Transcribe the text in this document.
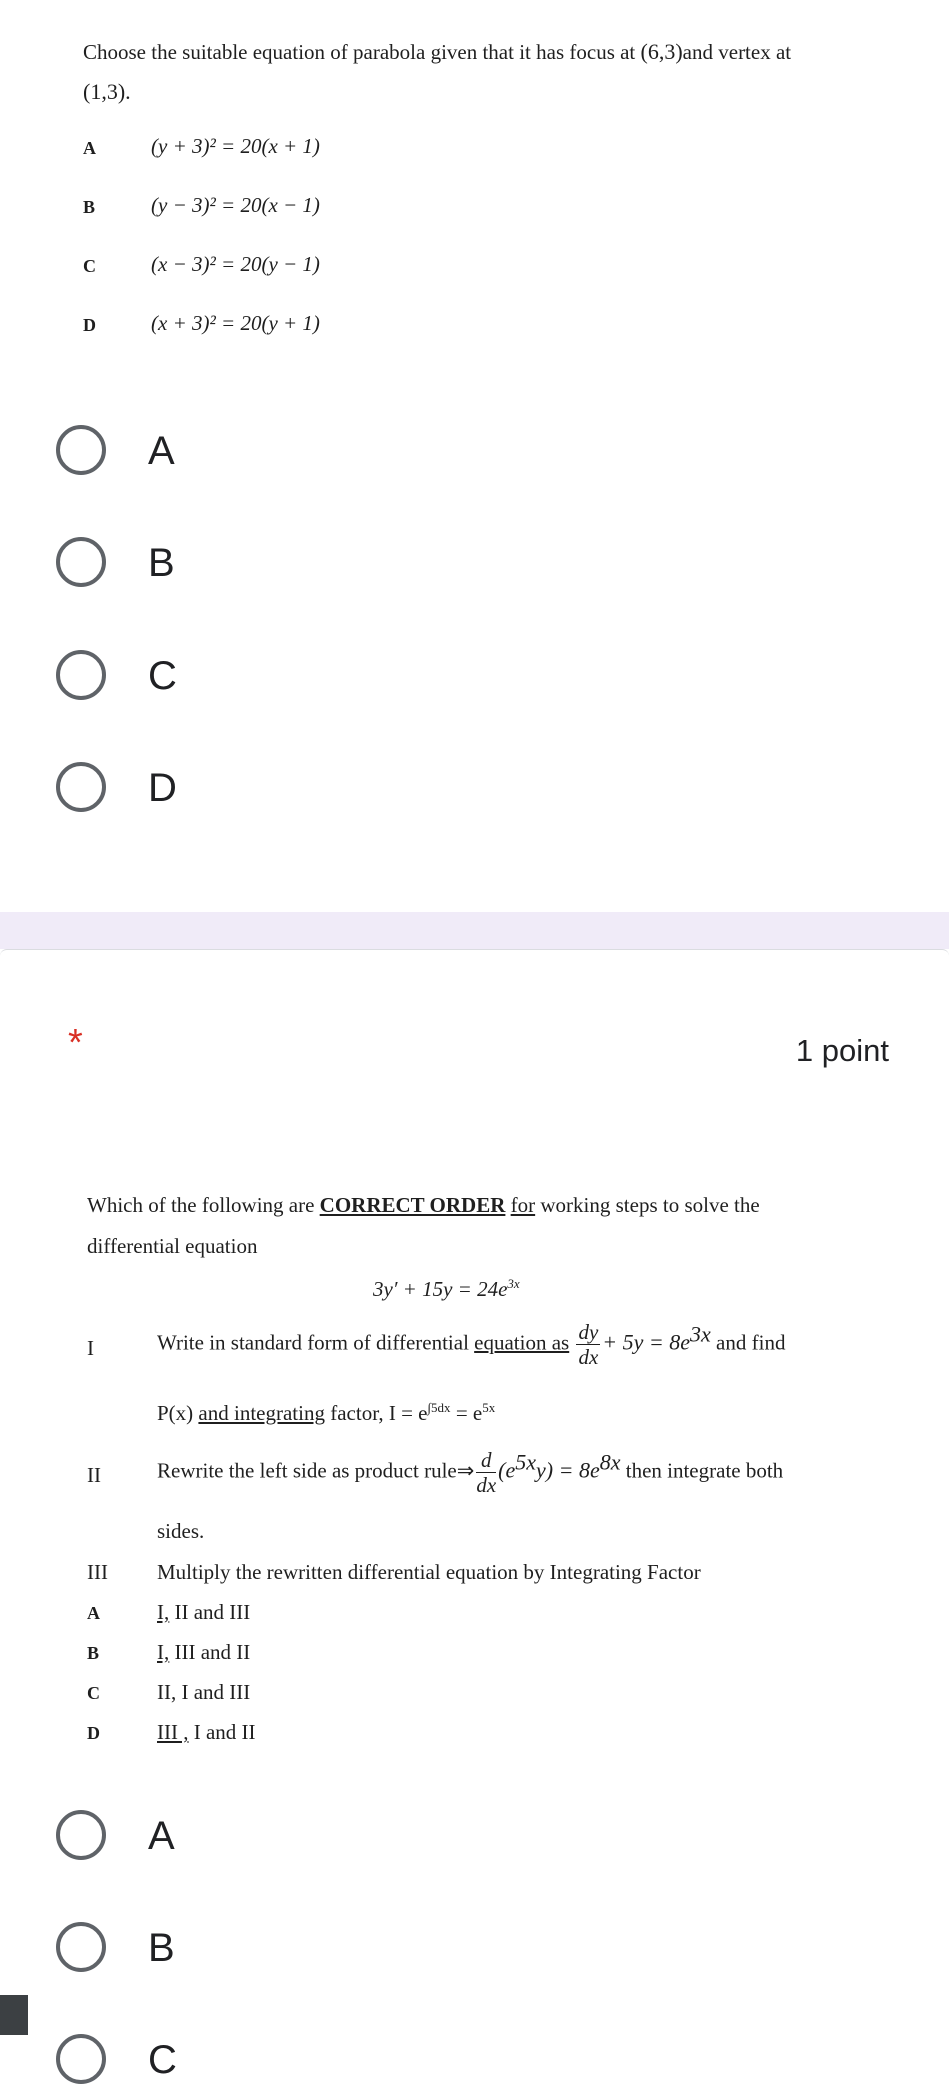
Choose the suitable equation of parabola given that it has focus at (6,3)and vertex at
(1,3).
A	(y + 3)² = 20(x + 1)
B	(y − 3)² = 20(x − 1)
C	(x − 3)² = 20(y − 1)
D	(x + 3)² = 20(y + 1)
A
B
C
D
*	1 point
Which of the following are CORRECT ORDER for working steps to solve the
differential equation
$3y' + 15y = 24e^{3x}$
I	Write in standard form of differential equation as $\frac{dy}{dx} + 5y = 8e^{3x}$ and find
P(x) and integrating factor, $I = e^{\int 5dx} = e^{5x}$
II	Rewrite the left side as product rule⇒ $\frac{d}{dx} (e^{5x}y) = 8e^{8x}$ then integrate both
sides.
III Multiply the rewritten differential equation by Integrating Factor
A	I, II and III
B	I, III and II
C	II, I and III
D	III , I and II
A
B
C
